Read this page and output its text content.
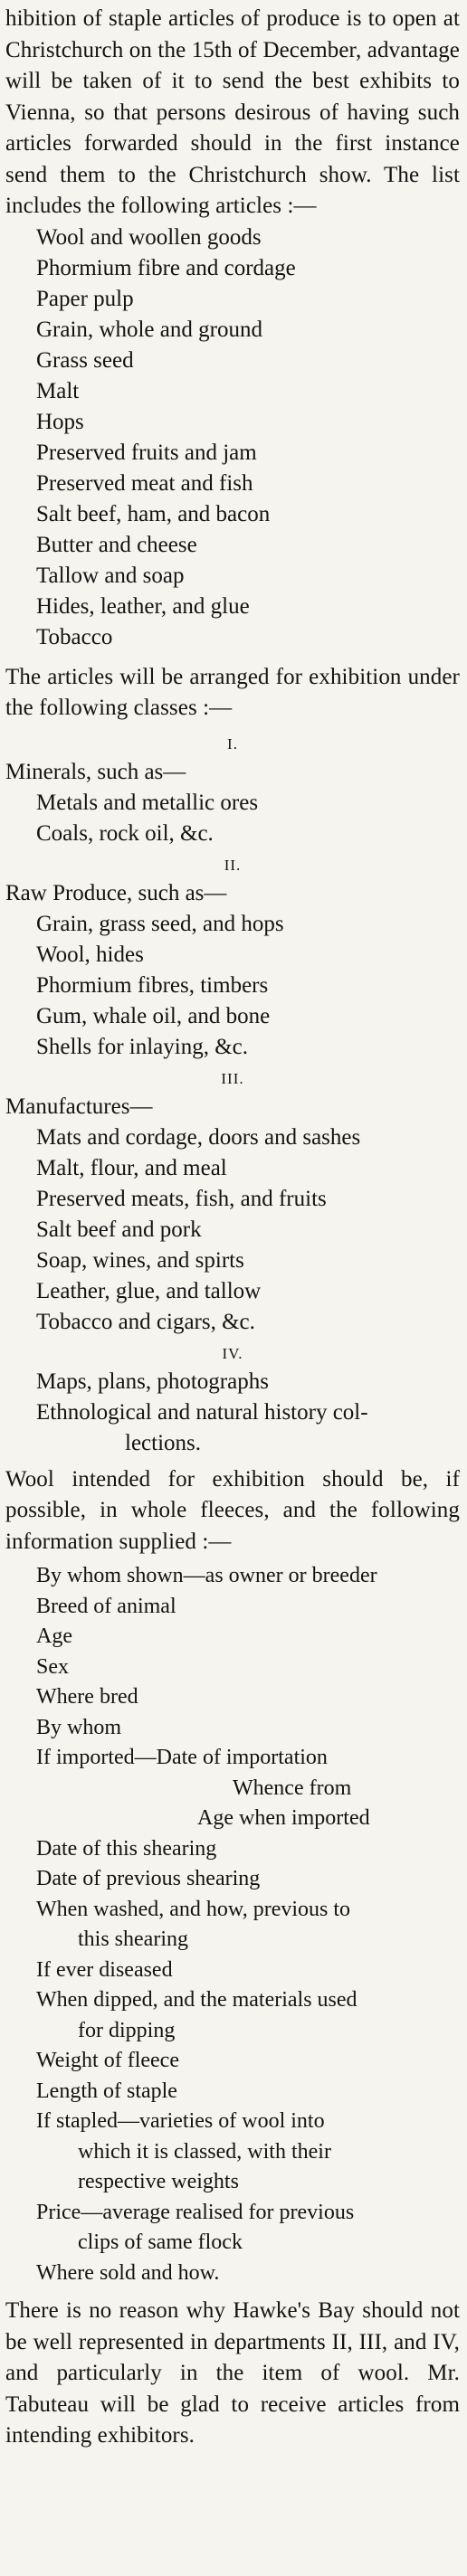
hibition of staple articles of produce is to open at Christchurch on the 15th of December, advantage will be taken of it to send the best exhibits to Vienna, so that persons desirous of having such articles forwarded should in the first instance send them to the Christchurch show. The list includes the following articles :—

Wool and woollen goods
Phormium fibre and cordage
Paper pulp
Grain, whole and ground
Grass seed
Malt
Hops
Preserved fruits and jam
Preserved meat and fish
Salt beef, ham, and bacon
Butter and cheese
Tallow and soap
Hides, leather, and glue
Tobacco

The articles will be arranged for exhibition under the following classes :—

I.

Minerals, such as—

Metals and metallic ores
Coals, rock oil, &c.
II.

Raw Produce, such as—

Grain, grass seed, and hops
Wool, hides
Phormium fibres, timbers
Gum, whale oil, and bone
Shells for inlaying, &c.
III.

Manufactures—

Mats and cordage, doors and sashes
Malt, flour, and meal
Preserved meats, fish, and fruits
Salt beef and pork
Soap, wines, and spirts
Leather, glue, and tallow
Tobacco and cigars, &c.
IV.
Maps, plans, photographs
Ethnological and natural history col-
lections.

Wool intended for exhibition should be, if possible, in whole fleeces, and the following information supplied :—

By whom shown—as owner or breeder
Breed of animal
Age
Sex
Where bred
By whom
If imported—Date of importation
Whence from
Age when imported
Date of this shearing
Date of previous shearing
When washed, and how, previous to
this shearing
If ever diseased
When dipped, and the materials used
for dipping
Weight of fleece
Length of staple
If stapled—varieties of wool into
which it is classed, with their
respective weights
Price—average realised for previous
clips of same flock
Where sold and how.

There is no reason why Hawke's Bay should not be well represented in departments II, III, and IV, and particularly in the item of wool. Mr. Tabuteau will be glad to receive articles from intending exhibitors.
